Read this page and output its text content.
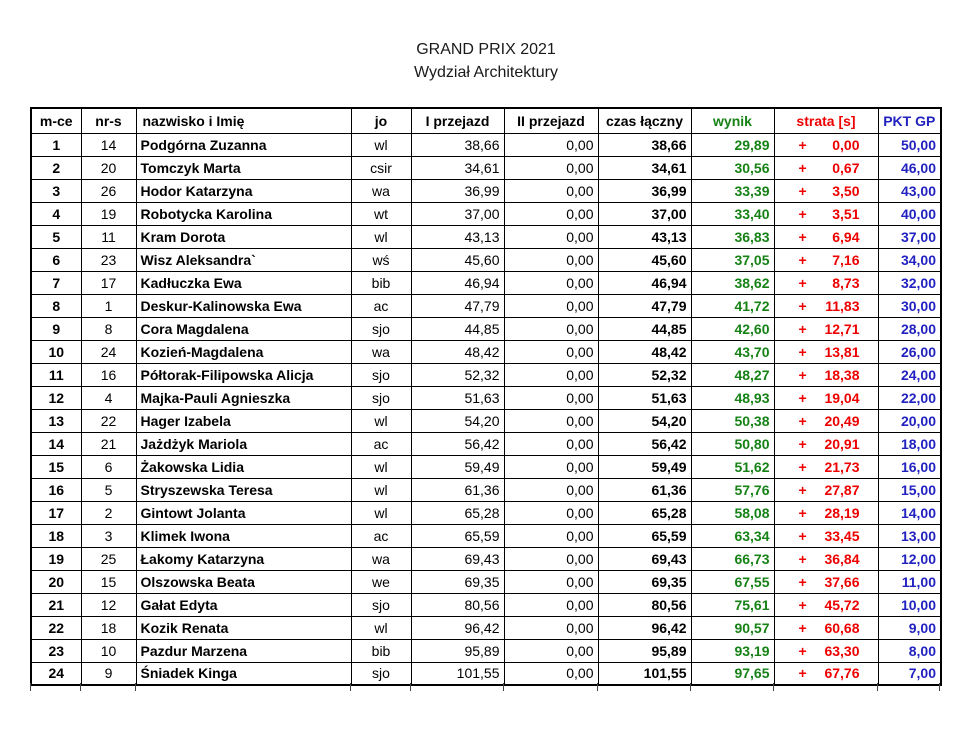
GRAND PRIX 2021
Wydział Architektury
m-ce	nr-s	nazwisko i Imię	jo	I przejazd	II przejazd	czas łączny	wynik	strata [s]	PKT GP
1	14	Podgórna Zuzanna	wl	38,66	0,00	38,66	29,89	+ 0,00	50,00
2	20	Tomczyk Marta	csir	34,61	0,00	34,61	30,56	+ 0,67	46,00
3	26	Hodor Katarzyna	wa	36,99	0,00	36,99	33,39	+ 3,50	43,00
4	19	Robotycka Karolina	wt	37,00	0,00	37,00	33,40	+ 3,51	40,00
5	11	Kram Dorota	wl	43,13	0,00	43,13	36,83	+ 6,94	37,00
6	23	Wisz Aleksandra`	wś	45,60	0,00	45,60	37,05	+ 7,16	34,00
7	17	Kadłuczka Ewa	bib	46,94	0,00	46,94	38,62	+ 8,73	32,00
8	1	Deskur-Kalinowska Ewa	ac	47,79	0,00	47,79	41,72	+ 11,83	30,00
9	8	Cora Magdalena	sjo	44,85	0,00	44,85	42,60	+ 12,71	28,00
10	24	Kozień-Magdalena	wa	48,42	0,00	48,42	43,70	+ 13,81	26,00
11	16	Półtorak-Filipowska Alicja	sjo	52,32	0,00	52,32	48,27	+ 18,38	24,00
12	4	Majka-Pauli Agnieszka	sjo	51,63	0,00	51,63	48,93	+ 19,04	22,00
13	22	Hager Izabela	wl	54,20	0,00	54,20	50,38	+ 20,49	20,00
14	21	Jażdżyk Mariola	ac	56,42	0,00	56,42	50,80	+ 20,91	18,00
15	6	Żakowska Lidia	wl	59,49	0,00	59,49	51,62	+ 21,73	16,00
16	5	Stryszewska Teresa	wl	61,36	0,00	61,36	57,76	+ 27,87	15,00
17	2	Gintowt Jolanta	wl	65,28	0,00	65,28	58,08	+ 28,19	14,00
18	3	Klimek Iwona	ac	65,59	0,00	65,59	63,34	+ 33,45	13,00
19	25	Łakomy Katarzyna	wa	69,43	0,00	69,43	66,73	+ 36,84	12,00
20	15	Olszowska Beata	we	69,35	0,00	69,35	67,55	+ 37,66	11,00
21	12	Gałat Edyta	sjo	80,56	0,00	80,56	75,61	+ 45,72	10,00
22	18	Kozik Renata	wl	96,42	0,00	96,42	90,57	+ 60,68	9,00
23	10	Pazdur Marzena	bib	95,89	0,00	95,89	93,19	+ 63,30	8,00
24	9	Śniadek Kinga	sjo	101,55	0,00	101,55	97,65	+ 67,76	7,00
